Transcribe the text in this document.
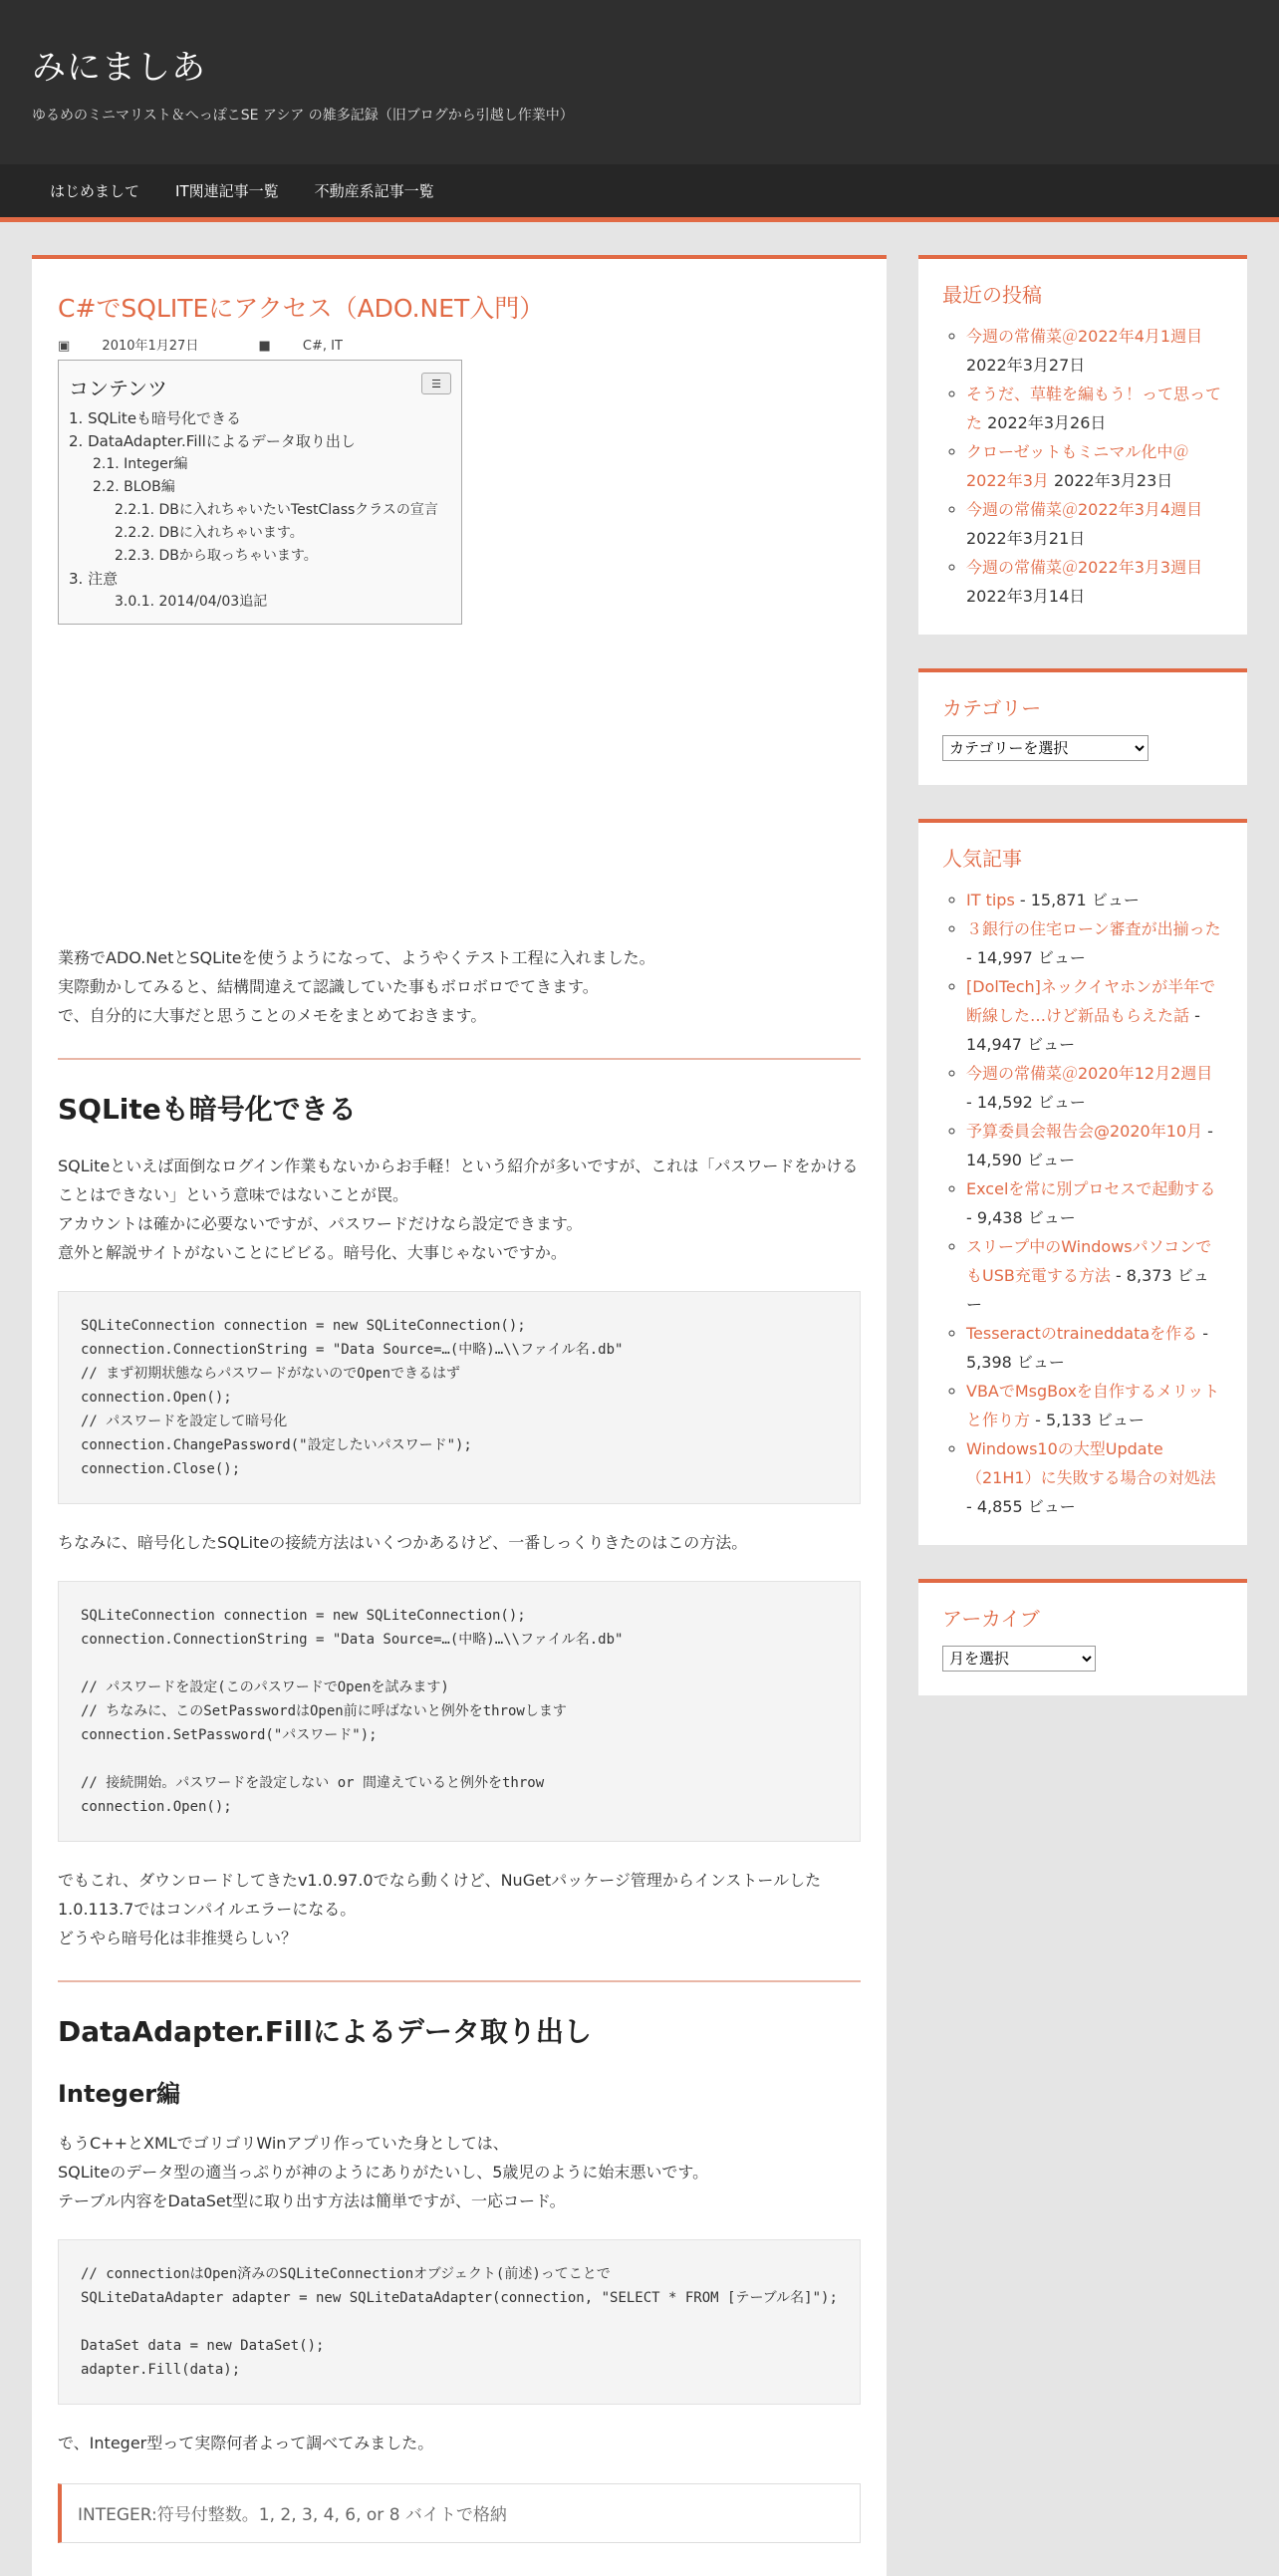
みにましあ
ゆるめのミニマリスト＆へっぽこSE アシア の雑多記録（旧ブログから引越し作業中）
はじめまして	IT関連記事一覧	不動産系記事一覧
C#でSQLITEにアクセス（ADO.NET入門）
▣ 2010年1月27日	■ C#, IT
コンテンツ	☰
1. SQLiteも暗号化できる
2. DataAdapter.Fillによるデータ取り出し
2.1. Integer編
2.2. BLOB編
2.2.1. DBに入れちゃいたいTestClassクラスの宣言
2.2.2. DBに入れちゃいます。
2.2.3. DBから取っちゃいます。
3. 注意
3.0.1. 2014/04/03追記

業務でADO.NetとSQLiteを使うようになって、ようやくテスト工程に入れました。
実際動かしてみると、結構間違えて認識していた事もボロボロでてきます。
で、自分的に大事だと思うことのメモをまとめておきます。

SQLiteも暗号化できる

SQLiteといえば面倒なログイン作業もないからお手軽！という紹介が多いですが、これは「パスワードをかけることはできない」という意味ではないことが罠。
アカウントは確かに必要ないですが、パスワードだけなら設定できます。
意外と解説サイトがないことにビビる。暗号化、大事じゃないですか。

SQLiteConnection connection = new SQLiteConnection();
connection.ConnectionString = "Data Source=…(中略)…\\ファイル名.db"
// まず初期状態ならパスワードがないのでOpenできるはず
connection.Open();
// パスワードを設定して暗号化
connection.ChangePassword("設定したいパスワード");
connection.Close();

ちなみに、暗号化したSQLiteの接続方法はいくつかあるけど、一番しっくりきたのはこの方法。

SQLiteConnection connection = new SQLiteConnection();
connection.ConnectionString = "Data Source=…(中略)…\\ファイル名.db"

// パスワードを設定(このパスワードでOpenを試みます)
// ちなみに、このSetPasswordはOpen前に呼ばないと例外をthrowします
connection.SetPassword("パスワード");

// 接続開始。パスワードを設定しない or 間違えていると例外をthrow
connection.Open();

でもこれ、ダウンロードしてきたv1.0.97.0でなら動くけど、NuGetパッケージ管理からインストールした1.0.113.7ではコンパイルエラーになる。
どうやら暗号化は非推奨らしい？

DataAdapter.Fillによるデータ取り出し
Integer編

もうC++とXMLでゴリゴリWinアプリ作っていた身としては、
SQLiteのデータ型の適当っぷりが神のようにありがたいし、5歳児のように始末悪いです。
テーブル内容をDataSet型に取り出す方法は簡単ですが、一応コード。

// connectionはOpen済みのSQLiteConnectionオブジェクト(前述)ってことで
SQLiteDataAdapter adapter = new SQLiteDataAdapter(connection, "SELECT * FROM [テーブル名]");

DataSet data = new DataSet();
adapter.Fill(data);

で、Integer型って実際何者よって調べてみました。

INTEGER:符号付整数。1, 2, 3, 4, 6, or 8 バイトで格納
最近の投稿
◦ 今週の常備菜＠2022年4月1週目 2022年3月27日
◦ そうだ、草鞋を編もう！って思ってた 2022年3月26日
◦ クローゼットもミニマル化中＠2022年3月 2022年3月23日
◦ 今週の常備菜＠2022年3月4週目 2022年3月21日
◦ 今週の常備菜＠2022年3月3週目 2022年3月14日
カテゴリー
カテゴリーを選択
人気記事
◦ IT tips - 15,871 ビュー
◦ ３銀行の住宅ローン審査が出揃った - 14,997 ビュー
◦ [DolTech]ネックイヤホンが半年で断線した…けど新品もらえた話 - 14,947 ビュー
◦ 今週の常備菜＠2020年12月2週目 - 14,592 ビュー
◦ 予算委員会報告会@2020年10月 - 14,590 ビュー
◦ Excelを常に別プロセスで起動する - 9,438 ビュー
◦ スリープ中のWindowsパソコンでもUSB充電する方法 - 8,373 ビュー
◦ Tesseractのtraineddataを作る - 5,398 ビュー
◦ VBAでMsgBoxを自作するメリットと作り方 - 5,133 ビュー
◦ Windows10の大型Update（21H1）に失敗する場合の対処法 - 4,855 ビュー
アーカイブ
月を選択
